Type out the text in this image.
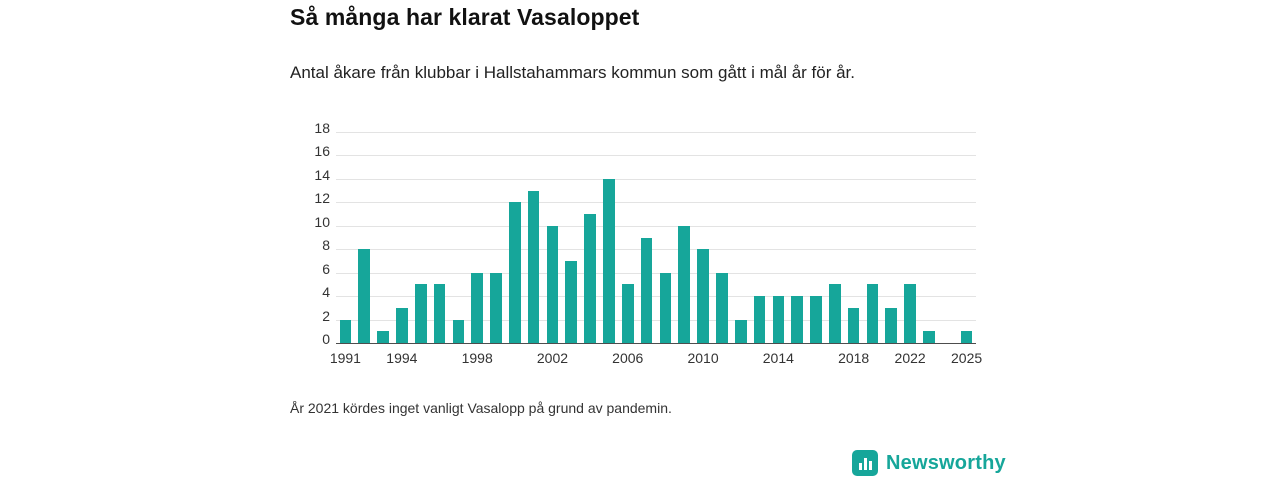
Så många har klarat Vasaloppet
Antal åkare från klubbar i Hallstahammars kommun som gått i mål år för år.
0
2
4
6
8
10
12
14
16
18
1991 1994	1998	2002	2006	2010	2014	2018 2022 2025
År 2021 kördes inget vanligt Vasalopp på grund av pandemin.
Newsworthy
